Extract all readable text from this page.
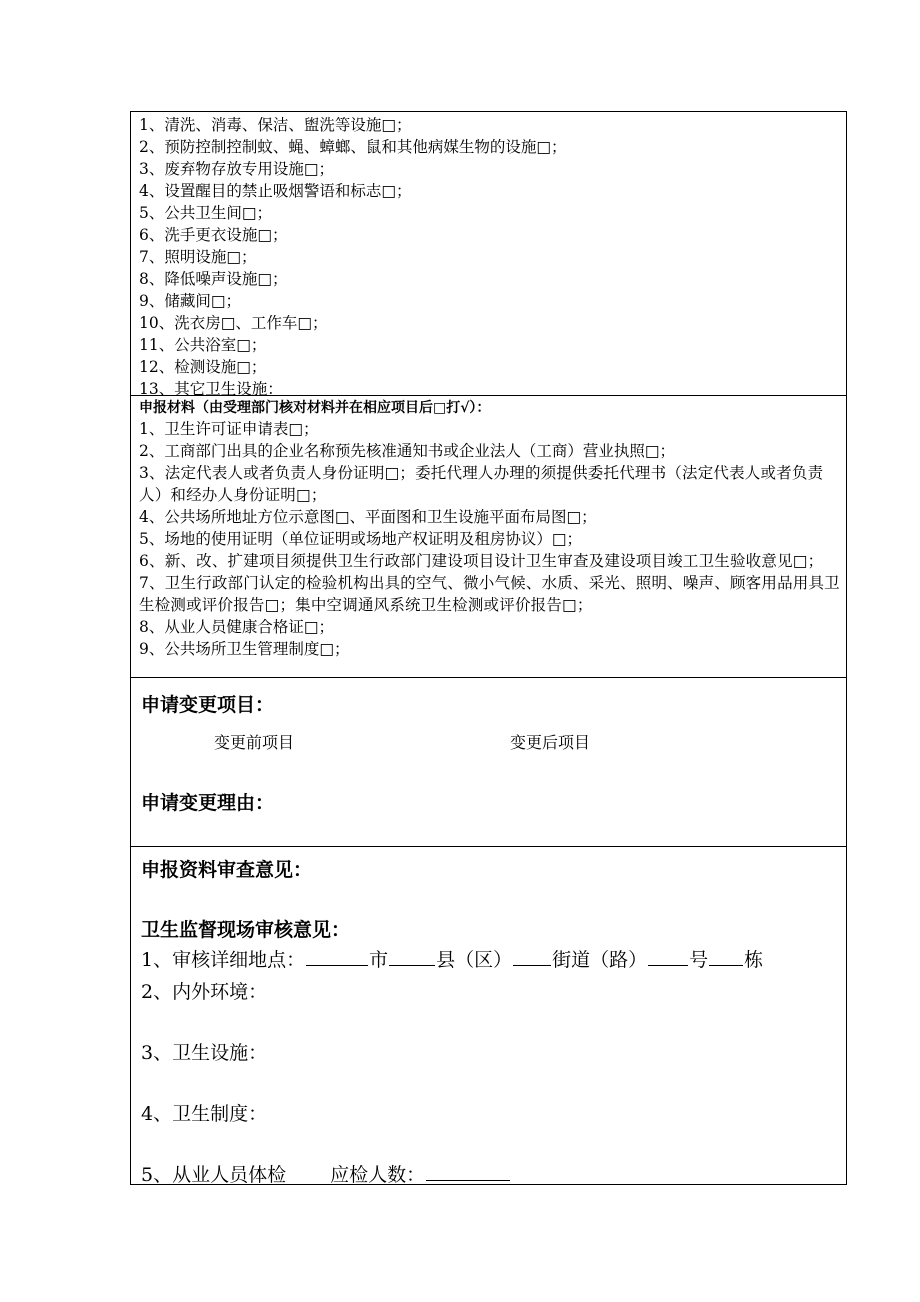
1、清洗、消毒、保洁、盥洗等设施□；
2、预防控制控制蚊、蝇、蟑螂、鼠和其他病媒生物的设施□；
3、废弃物存放专用设施□；
4、设置醒目的禁止吸烟警语和标志□；
5、公共卫生间□；
6、洗手更衣设施□；
7、照明设施□；
8、降低噪声设施□；
9、储藏间□；
10、洗衣房□、工作车□；
11、公共浴室□；
12、检测设施□；
13、其它卫生设施：
申报材料（由受理部门核对材料并在相应项目后□打√）：
1、卫生许可证申请表□；
2、工商部门出具的企业名称预先核准通知书或企业法人（工商）营业执照□；
3、法定代表人或者负责人身份证明□；委托代理人办理的须提供委托代理书（法定代表人或者负责人）和经办人身份证明□；
4、公共场所地址方位示意图□、平面图和卫生设施平面布局图□；
5、场地的使用证明（单位证明或场地产权证明及租房协议）□；
6、新、改、扩建项目须提供卫生行政部门建设项目设计卫生审查及建设项目竣工卫生验收意见□；
7、卫生行政部门认定的检验机构出具的空气、微小气候、水质、采光、照明、噪声、顾客用品用具卫生检测或评价报告□；集中空调通风系统卫生检测或评价报告□；
8、从业人员健康合格证□；
9、公共场所卫生管理制度□；
申请变更项目：
变更前项目	变更后项目
申请变更理由：
申报资料审查意见：
卫生监督现场审核意见：
1、审核详细地点：	市	县（区） 街道（路） 号 栋
2、内外环境：
3、卫生设施：
4、卫生制度：
5、从业人员体检 应检人数：
